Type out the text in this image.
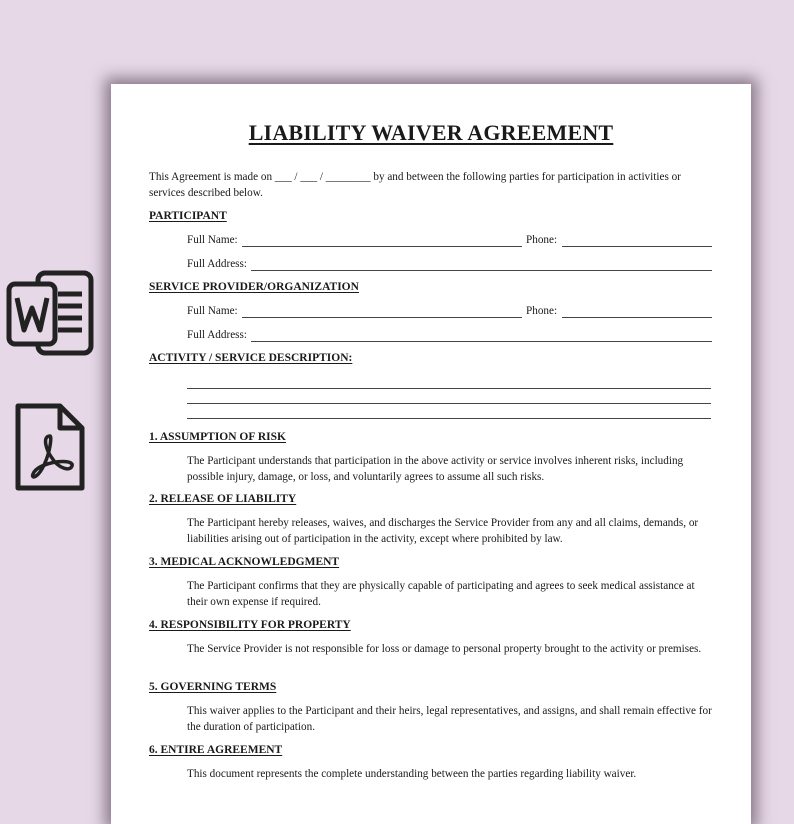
LIABILITY WAIVER AGREEMENT
This Agreement is made on ___ / ___ / ________ by and between the following parties for participation in activities or services described below.
PARTICIPANT
Full Name:	Phone:
Full Address:
SERVICE PROVIDER/ORGANIZATION
Full Name:	Phone:
Full Address:
ACTIVITY / SERVICE DESCRIPTION:
1. ASSUMPTION OF RISK
The Participant understands that participation in the above activity or service involves inherent risks, including possible injury, damage, or loss, and voluntarily agrees to assume all such risks.
2. RELEASE OF LIABILITY
The Participant hereby releases, waives, and discharges the Service Provider from any and all claims, demands, or liabilities arising out of participation in the activity, except where prohibited by law.
3. MEDICAL ACKNOWLEDGMENT
The Participant confirms that they are physically capable of participating and agrees to seek medical assistance at their own expense if required.
4. RESPONSIBILITY FOR PROPERTY
The Service Provider is not responsible for loss or damage to personal property brought to the activity or premises.
5. GOVERNING TERMS
This waiver applies to the Participant and their heirs, legal representatives, and assigns, and shall remain effective for the duration of participation.
6. ENTIRE AGREEMENT
This document represents the complete understanding between the parties regarding liability waiver.
